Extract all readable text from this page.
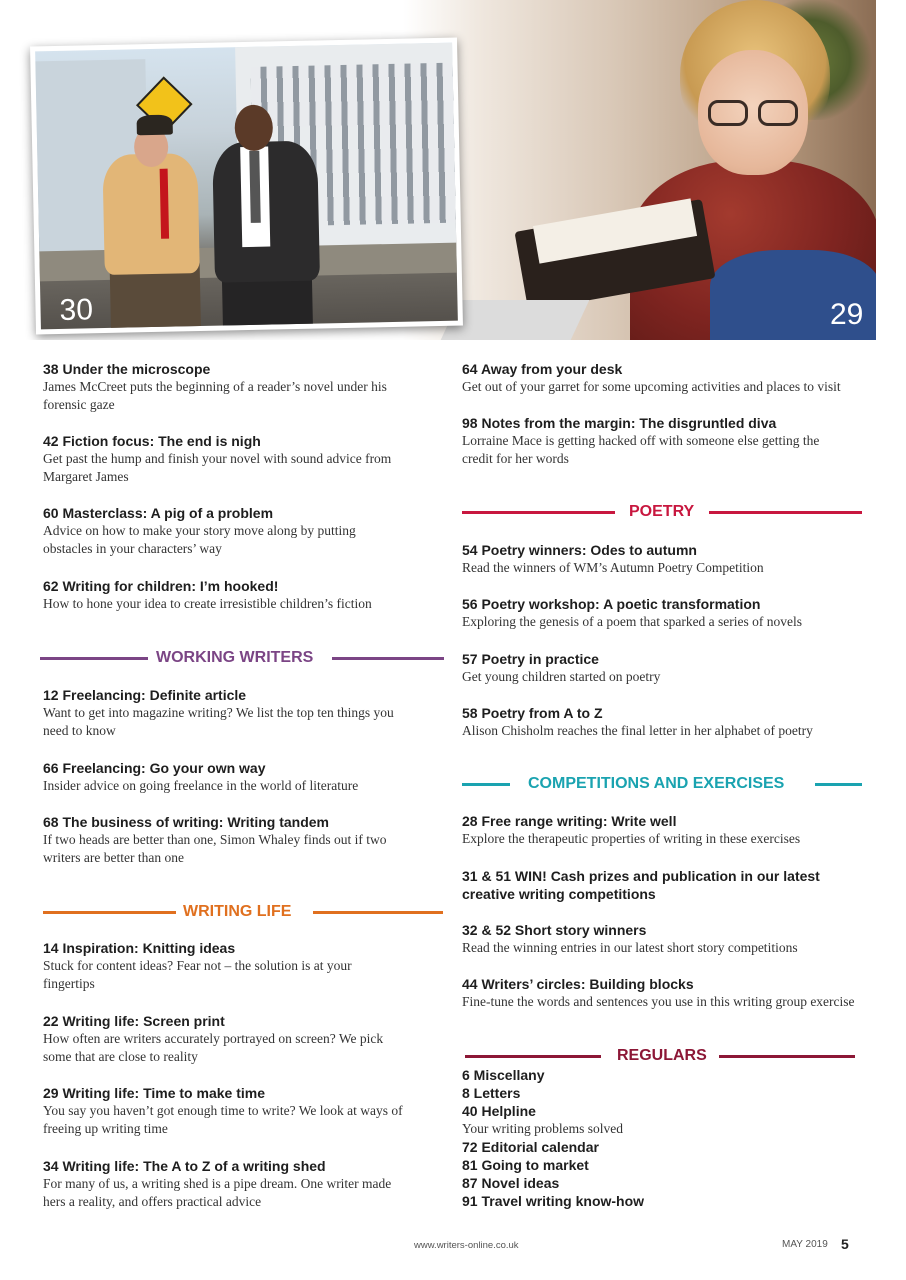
29
30
38 Under the microscope
James McCreet puts the beginning of a reader’s novel under his
forensic gaze
42 Fiction focus: The end is nigh
Get past the hump and finish your novel with sound advice from
Margaret James
60 Masterclass: A pig of a problem
Advice on how to make your story move along by putting
obstacles in your characters’ way
62 Writing for children: I’m hooked!
How to hone your idea to create irresistible children’s fiction
WORKING WRITERS
12 Freelancing: Definite article
Want to get into magazine writing? We list the top ten things you
need to know
66 Freelancing: Go your own way
Insider advice on going freelance in the world of literature
68 The business of writing: Writing tandem
If two heads are better than one, Simon Whaley finds out if two
writers are better than one
WRITING LIFE
14 Inspiration: Knitting ideas
Stuck for content ideas? Fear not – the solution is at your
fingertips
22 Writing life: Screen print
How often are writers accurately portrayed on screen? We pick
some that are close to reality
29 Writing life: Time to make time
You say you haven’t got enough time to write? We look at ways of
freeing up writing time
34 Writing life: The A to Z of a writing shed
For many of us, a writing shed is a pipe dream. One writer made
hers a reality, and offers practical advice
64 Away from your desk
Get out of your garret for some upcoming activities and places to visit
98 Notes from the margin: The disgruntled diva
Lorraine Mace is getting hacked off with someone else getting the
credit for her words
POETRY
54 Poetry winners: Odes to autumn
Read the winners of WM’s Autumn Poetry Competition
56 Poetry workshop: A poetic transformation
Exploring the genesis of a poem that sparked a series of novels
57 Poetry in practice
Get young children started on poetry
58 Poetry from A to Z
Alison Chisholm reaches the final letter in her alphabet of poetry
COMPETITIONS AND EXERCISES
28 Free range writing: Write well
Explore the therapeutic properties of writing in these exercises
31 & 51 WIN! Cash prizes and publication in our latest
creative writing competitions
32 & 52 Short story winners
Read the winning entries in our latest short story competitions
44 Writers’ circles: Building blocks
Fine-tune the words and sentences you use in this writing group exercise
REGULARS
6 Miscellany
8 Letters
40 Helpline
Your writing problems solved
72 Editorial calendar
81 Going to market
87 Novel ideas
91 Travel writing know-how
www.writers-online.co.uk	MAY 2019 5
